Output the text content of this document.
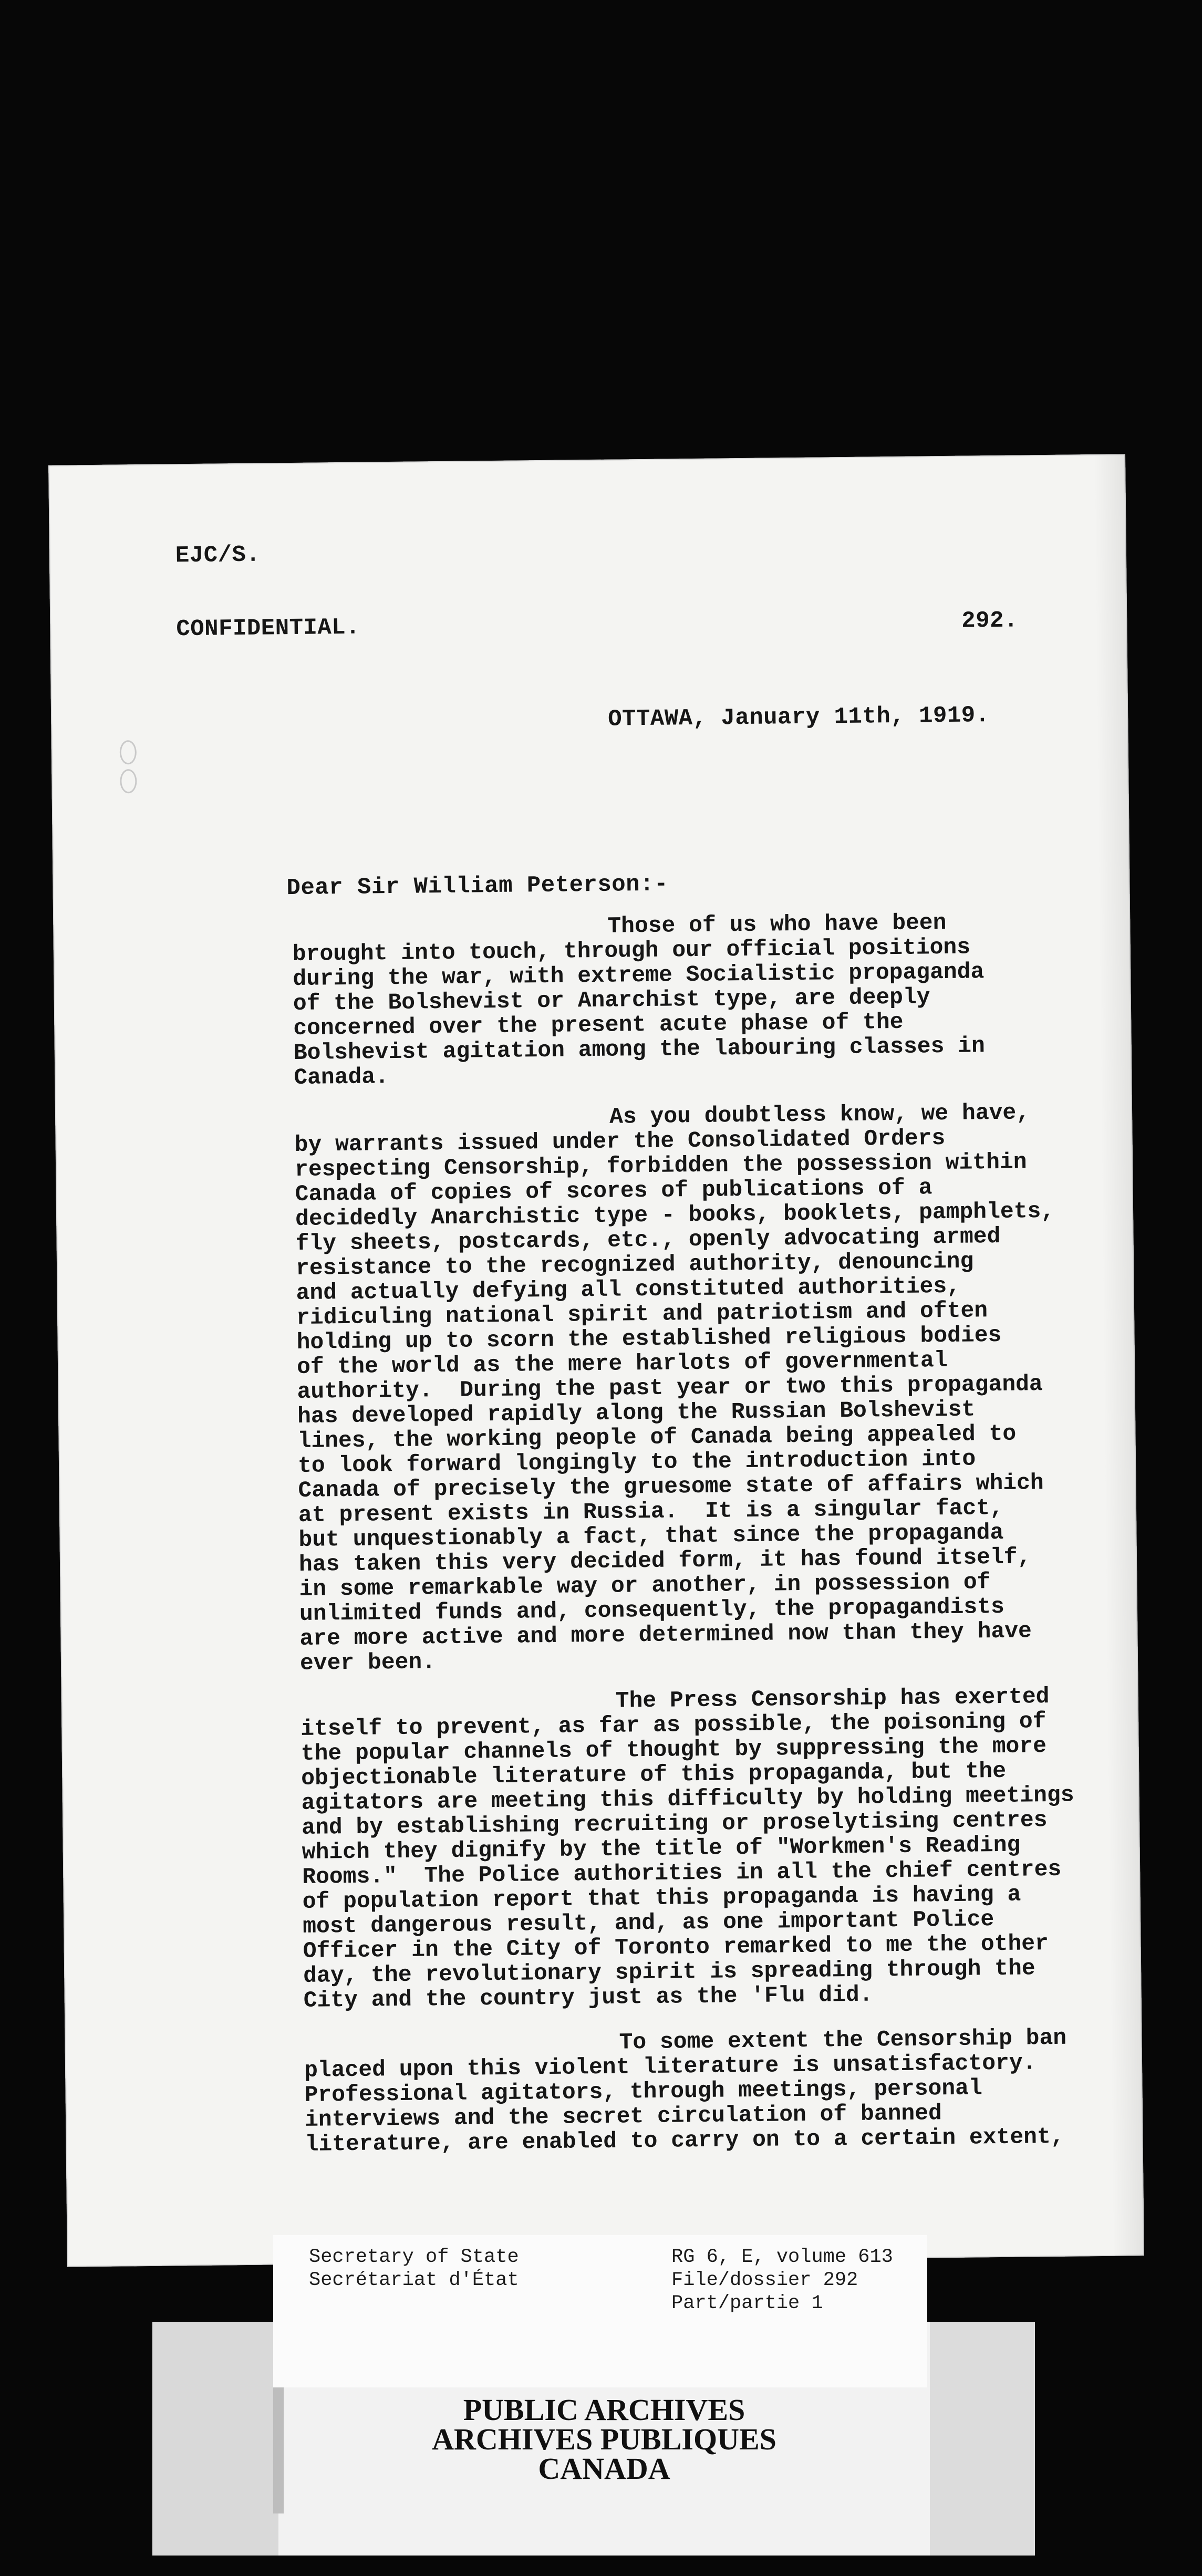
EJC/S.
CONFIDENTIAL.	292.
OTTAWA, January 11th, 1919.
Dear Sir William Peterson:-
Those of us who have been
brought into touch, through our official positions
during the war, with extreme Socialistic propaganda
of the Bolshevist or Anarchist type, are deeply
concerned over the present acute phase of the
Bolshevist agitation among the labouring classes in
Canada.
As you doubtless know, we have,
by warrants issued under the Consolidated Orders
respecting Censorship, forbidden the possession within
Canada of copies of scores of publications of a
decidedly Anarchistic type - books, booklets, pamphlets,
fly sheets, postcards, etc., openly advocating armed
resistance to the recognized authority, denouncing
and actually defying all constituted authorities,
ridiculing national spirit and patriotism and often
holding up to scorn the established religious bodies
of the world as the mere harlots of governmental
authority.  During the past year or two this propaganda
has developed rapidly along the Russian Bolshevist
lines, the working people of Canada being appealed to
to look forward longingly to the introduction into
Canada of precisely the gruesome state of affairs which
at present exists in Russia.  It is a singular fact,
but unquestionably a fact, that since the propaganda
has taken this very decided form, it has found itself,
in some remarkable way or another, in possession of
unlimited funds and, consequently, the propagandists
are more active and more determined now than they have
ever been.
The Press Censorship has exerted
itself to prevent, as far as possible, the poisoning of
the popular channels of thought by suppressing the more
objectionable literature of this propaganda, but the
agitators are meeting this difficulty by holding meetings
and by establishing recruiting or proselytising centres
which they dignify by the title of "Workmen's Reading
Rooms."  The Police authorities in all the chief centres
of population report that this propaganda is having a
most dangerous result, and, as one important Police
Officer in the City of Toronto remarked to me the other
day, the revolutionary spirit is spreading through the
City and the country just as the 'Flu did.
To some extent the Censorship ban
placed upon this violent literature is unsatisfactory.
Professional agitators, through meetings, personal
interviews and the secret circulation of banned
literature, are enabled to carry on to a certain extent,
Secretary of State
Secrétariat d'État
RG 6, E, volume 613
File/dossier 292
Part/partie 1
PUBLIC ARCHIVES
ARCHIVES PUBLIQUES
CANADA
